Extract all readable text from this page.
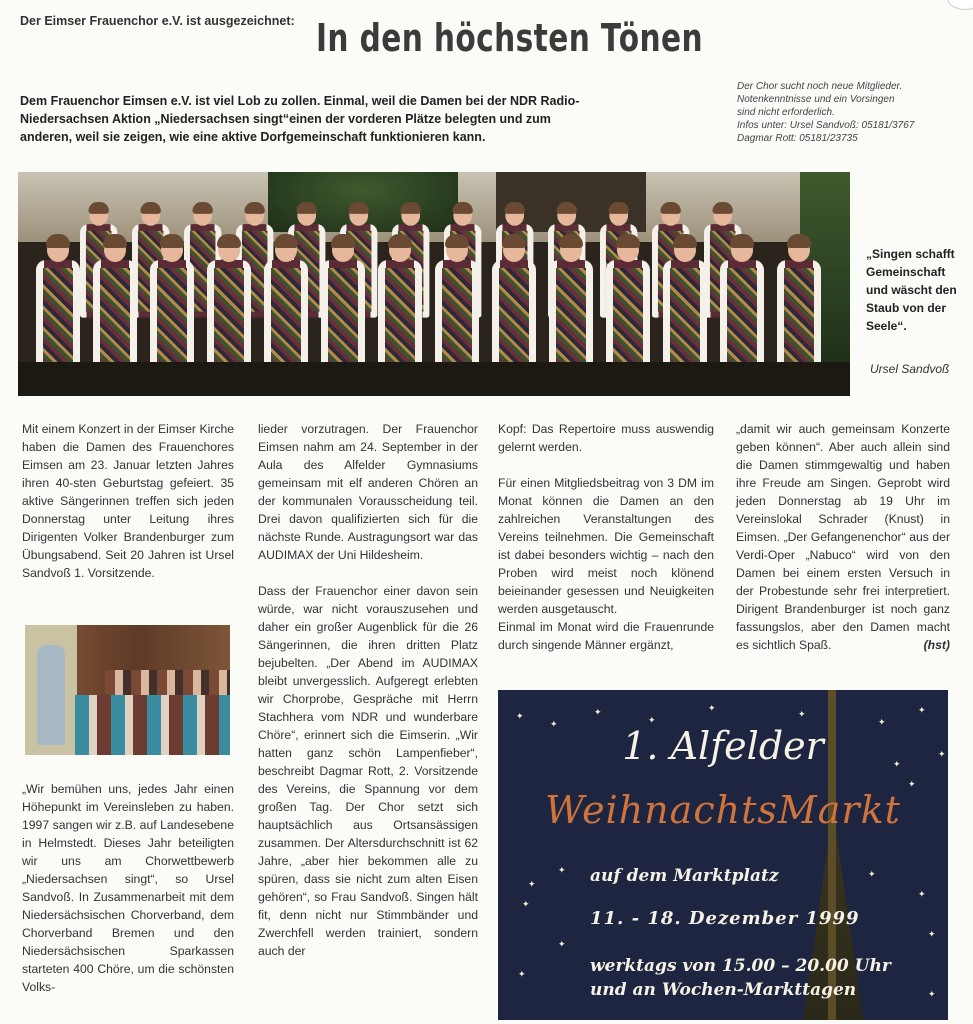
Der Eimser Frauenchor e.V. ist ausgezeichnet: In den höchsten Tönen
Dem Frauenchor Eimsen e.V. ist viel Lob zu zollen. Einmal, weil die Damen bei der NDR Radio-Niedersachsen Aktion „Niedersachsen singt“einen der vorderen Plätze belegten und zum anderen, weil sie zeigen, wie eine aktive Dorfgemeinschaft funktionieren kann.
Der Chor sucht noch neue Mitglieder.
Notenkenntnisse und ein Vorsingen
sind nicht erforderlich.
Infos unter: Ursel Sandvoß: 05181/3767
Dagmar Rott: 05181/23735
„Singen schafft Gemeinschaft und wäscht den Staub von der Seele“.
Ursel Sandvoß

Mit einem Konzert in der Eimser Kirche haben die Damen des Frauenchores Eimsen am 23. Januar letzten Jahres ihren 40-sten Geburtstag gefeiert. 35 aktive Sängerinnen treffen sich jeden Donnerstag unter Leitung ihres Dirigenten Volker Brandenburger zum Übungsabend. Seit 20 Jahren ist Ursel Sandvoß 1. Vorsitzende.

„Wir bemühen uns, jedes Jahr einen Höhepunkt im Vereinsleben zu haben. 1997 sangen wir z.B. auf Landesebene in Helmstedt. Dieses Jahr beteiligten wir uns am Chorwettbewerb „Niedersachsen singt“, so Ursel Sandvoß. In Zusammenarbeit mit dem Niedersächsischen Chorverband, dem Chorverband Bremen und den Niedersächsischen Sparkassen starteten 400 Chöre, um die schönsten Volks-

lieder vorzutragen. Der Frauenchor Eimsen nahm am 24. September in der Aula des Alfelder Gymnasiums gemeinsam mit elf anderen Chören an der kommunalen Vorausscheidung teil. Drei davon qualifizierten sich für die nächste Runde. Austragungsort war das AUDIMAX der Uni Hildesheim.

Dass der Frauenchor einer davon sein würde, war nicht vorauszusehen und daher ein großer Augenblick für die 26 Sängerinnen, die ihren dritten Platz bejubelten. „Der Abend im AUDIMAX bleibt unvergesslich. Aufgeregt erlebten wir Chorprobe, Gespräche mit Herrn Stachhera vom NDR und wunderbare Chöre“, erinnert sich die Eimserin. „Wir hatten ganz schön Lampenfieber“, beschreibt Dagmar Rott, 2. Vorsitzende des Vereins, die Spannung vor dem großen Tag. Der Chor setzt sich hauptsächlich aus Ortsansässigen zusammen. Der Altersdurchschnitt ist 62 Jahre, „aber hier bekommen alle zu spüren, dass sie nicht zum alten Eisen gehören“, so Frau Sandvoß. Singen hält fit, denn nicht nur Stimmbänder und Zwerchfell werden trainiert, sondern auch der

Kopf: Das Repertoire muss auswendig gelernt werden.

Für einen Mitgliedsbeitrag von 3 DM im Monat können die Damen an den zahlreichen Veranstaltungen des Vereins teilnehmen. Die Gemeinschaft ist dabei besonders wichtig – nach den Proben wird meist noch klönend beieinander gesessen und Neuigkeiten werden ausgetauscht.

Einmal im Monat wird die Frauenrunde durch singende Männer ergänzt,

„damit wir auch gemeinsam Konzerte geben können“. Aber auch allein sind die Damen stimmgewaltig und haben ihre Freude am Singen. Geprobt wird jeden Donnerstag ab 19 Uhr im Vereinslokal Schrader (Knust) in Eimsen. „Der Gefangenenchor“ aus der Verdi-Oper „Nabuco“ wird von den Damen bei einem ersten Versuch in der Probestunde sehr frei interpretiert. Dirigent Brandenburger ist noch ganz fassungslos, aber den Damen macht es sichtlich Spaß.	(hst)

✦
✦
✦
✦
✦
✦
✦
✦
✦
✦
✦
✦
✦
✦
✦
✦
✦
✦
✦
✦
1. Alfelder
WeihnachtsMarkt
auf dem Marktplatz
11. - 18. Dezember 1999
werktags von 15.00 – 20.00 Uhr
und an Wochen-Markttagen
